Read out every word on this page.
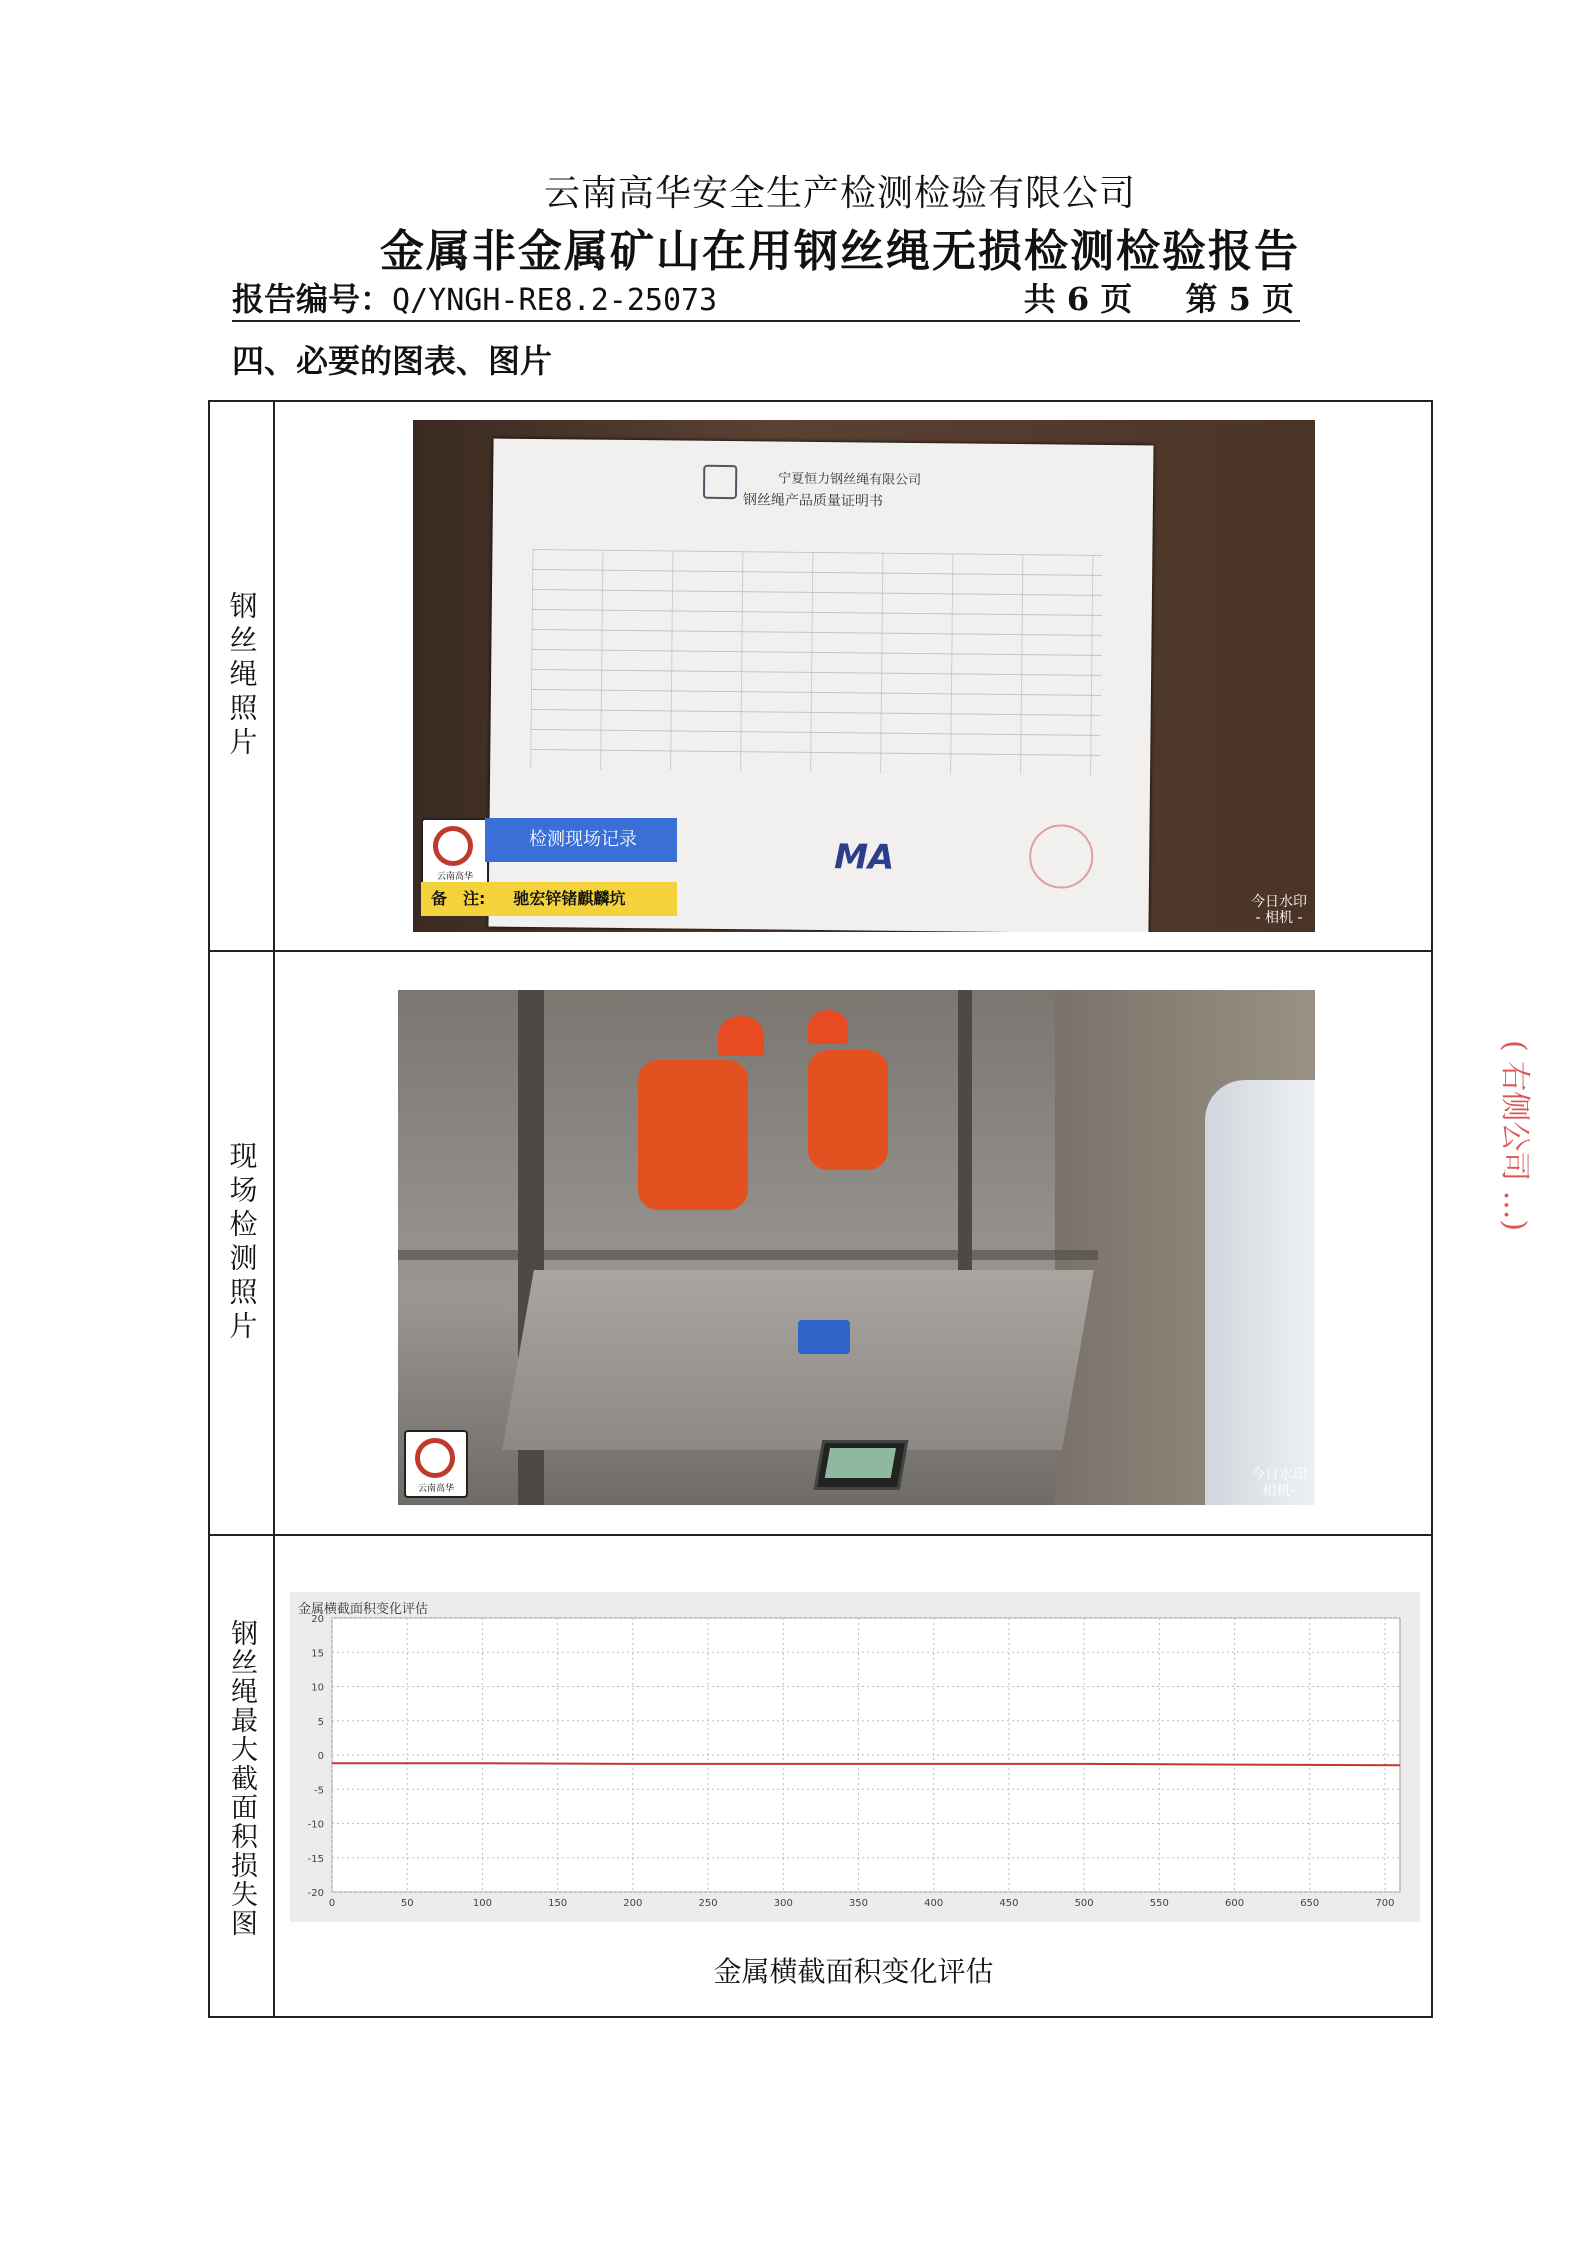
云南高华安全生产检测检验有限公司
金属非金属矿山在用钢丝绳无损检测检验报告
报告编号：Q/YNGH-RE8.2-25073	共 6 页 第 5 页
四、必要的图表、图片
钢丝绳照片
现场检测照片
钢丝绳最大截面积损失图
宁夏恒力钢丝绳有限公司
钢丝绳产品质量证明书
MA
云南高华
检测现场记录
备　注: 驰宏锌锗麒麟坑	今日水印
- 相机 -
云南高华
今日水印
相机-
金属横截面积变化评估
20
15
10
5
0
-5
-10
-15
-20
0	50	100	150	200	250	300	350	400	450	500	550	600	650	700
金属横截面积变化评估
( 右侧公司 ...)
